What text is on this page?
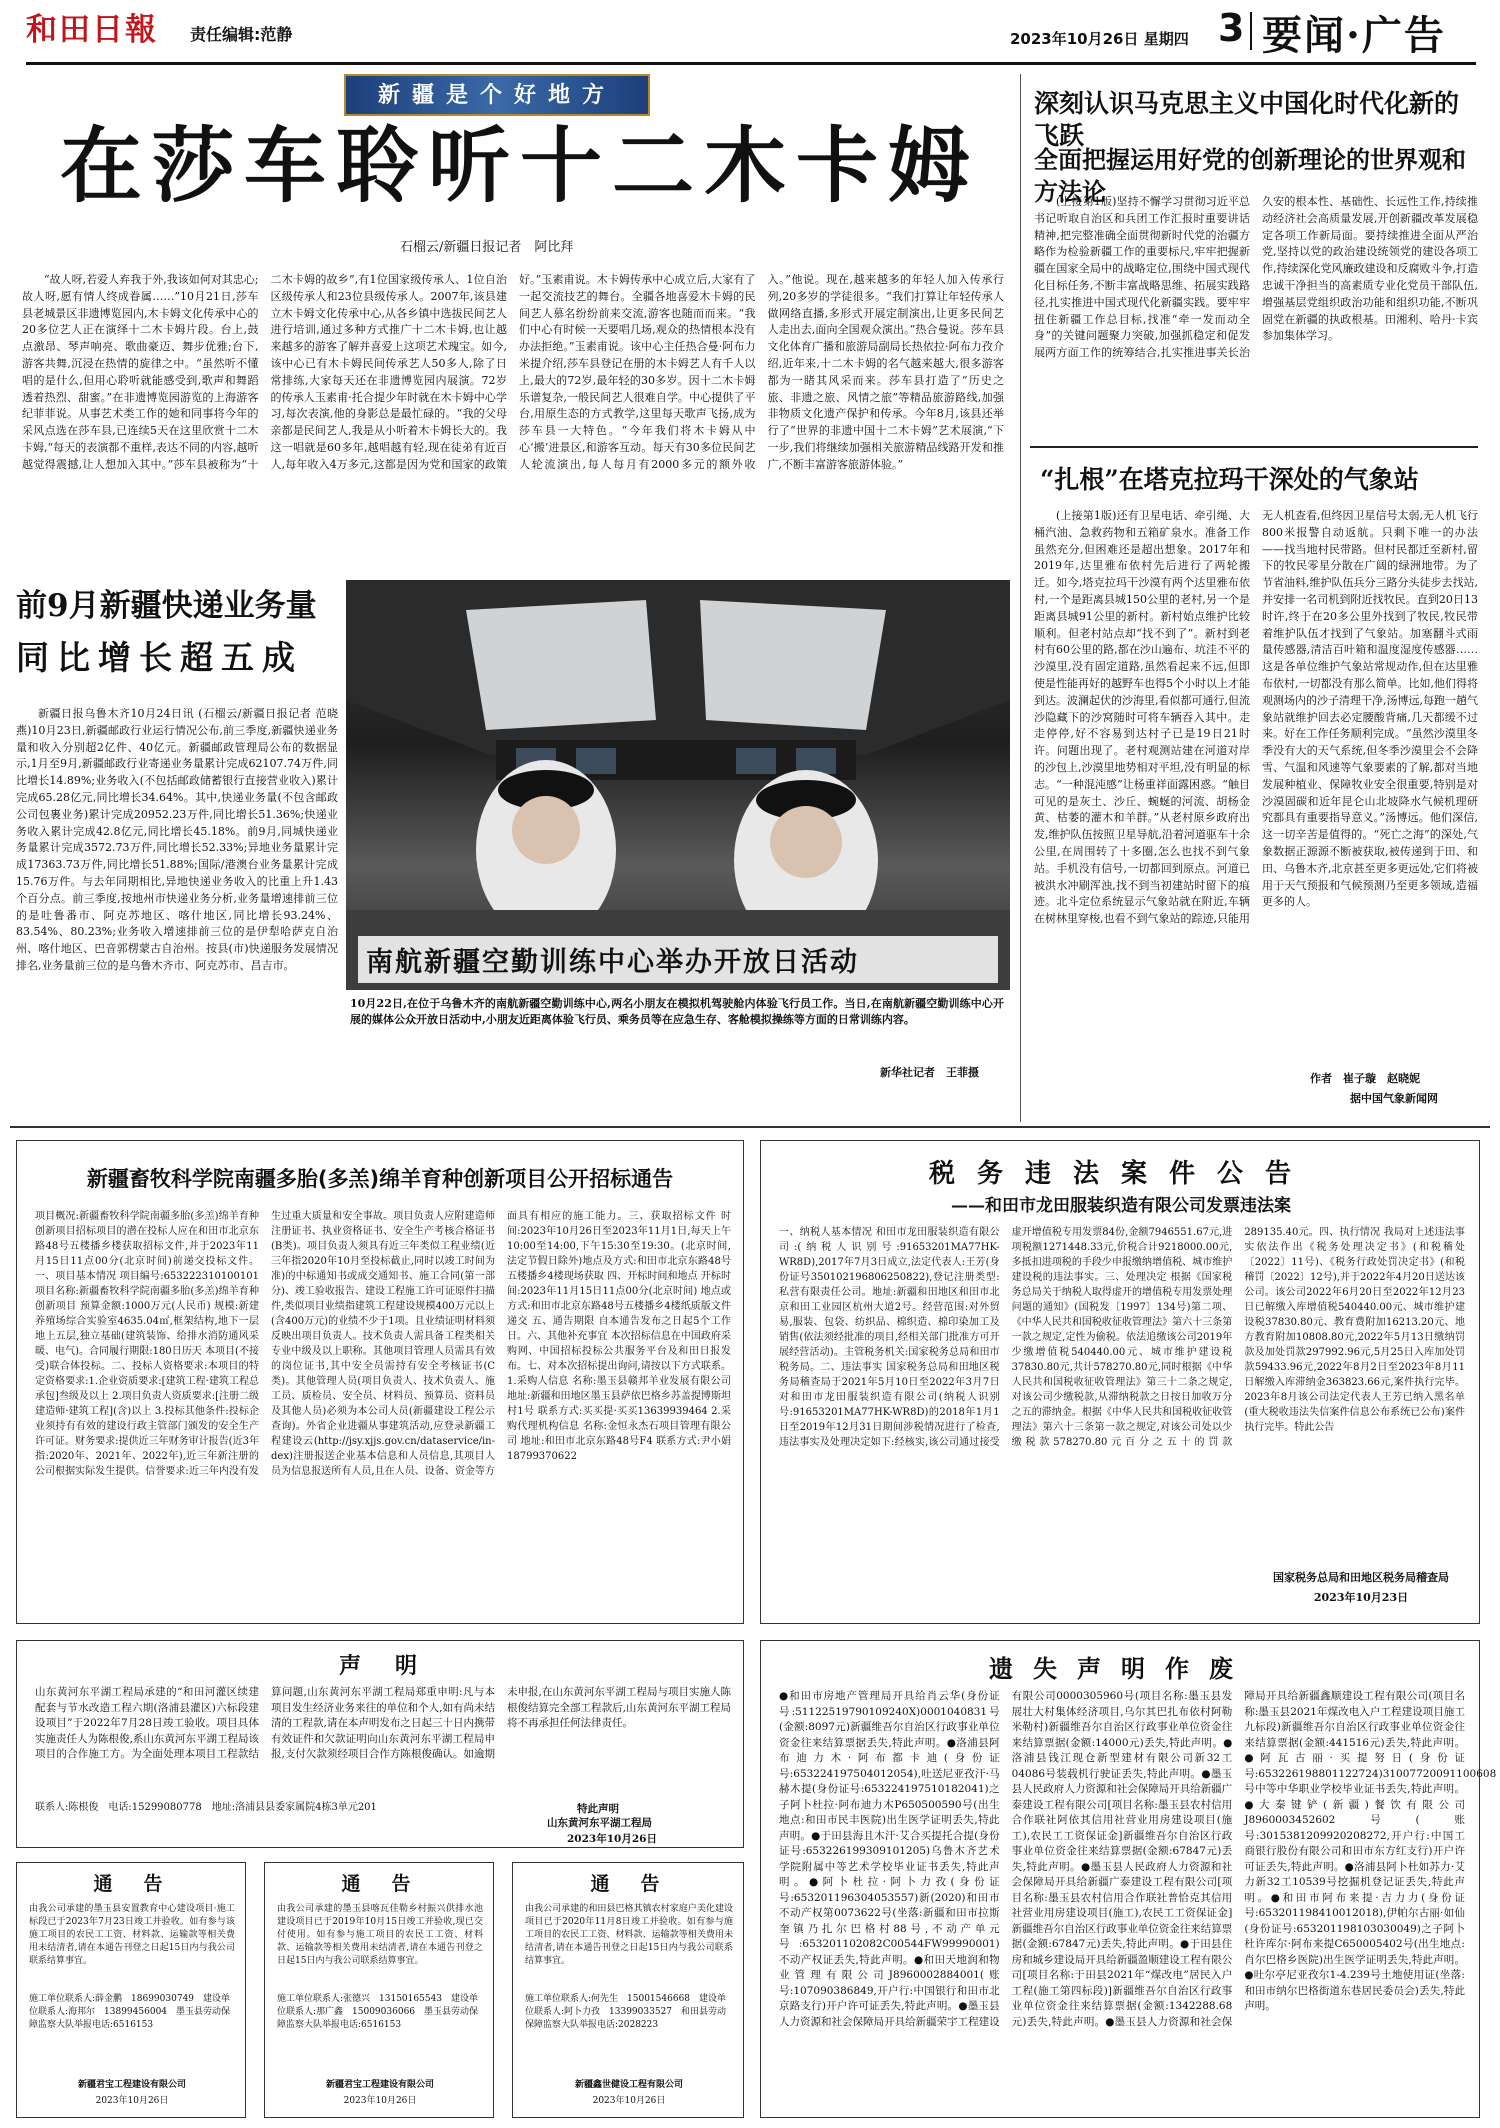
和田日報	责任编辑:范静	2023年10月26日 星期四 3 要闻·广告
新疆是个好地方
在莎车聆听十二木卡姆
石榴云/新疆日报记者　阿比拜
“故人呀,若爱人弃我于外,我该如何对其忠心;故人呀,愿有情人终成眷属……”10月21日,莎车县老城景区非遗博览园内,木卡姆文化传承中心的20多位艺人正在演绎十二木卡姆片段。台上,鼓点激昂、琴声响亮、歌曲豪迈、舞步优雅;台下,游客共舞,沉浸在热情的旋律之中。“虽然听不懂唱的是什么,但用心聆听就能感受到,歌声和舞蹈透着热烈、甜蜜。”在非遗博览园游览的上海游客纪菲菲说。从事艺术类工作的她和同事将今年的采风点选在莎车县,已连续5天在这里欣赏十二木卡姆,“每天的表演都不重样,表达不同的内容,越听越觉得震撼,让人想加入其中。”莎车县被称为“十二木卡姆的故乡”,有1位国家级传承人、1位自治区级传承人和23位县级传承人。2007年,该县建立木卡姆文化传承中心,从各乡镇中选拔民间艺人进行培训,通过多种方式推广十二木卡姆,也让越来越多的游客了解并喜爱上这项艺术瑰宝。如今,该中心已有木卡姆民间传承艺人50多人,除了日常排练,大家每天还在非遗博览园内展演。72岁的传承人玉素甫·托合提少年时就在木卡姆中心学习,每次表演,他的身影总是最忙碌的。“我的父母亲都是民间艺人,我是从小听着木卡姆长大的。我这一唱就是60多年,越唱越有轻,现在徒弟有近百人,每年收入4万多元,这都是因为党和国家的政策好。”玉素甫说。木卡姆传承中心成立后,大家有了一起交流技艺的舞台。全疆各地喜爱木卡姆的民间艺人慕名纷纷前来交流,游客也随而而来。“我们中心有时候一天要唱几场,观众的热情根本没有办法拒绝。”玉素甫说。该中心主任热合曼·阿布力米提介绍,莎车县登记在册的木卡姆艺人有千人以上,最大的72岁,最年轻的30多岁。因十二木卡姆乐谱复杂,一般民间艺人很难自学。中心提供了平台,用原生态的方式教学,这里每天歌声飞扬,成为莎车县一大特色。“今年我们将木卡姆从中心‘搬’进景区,和游客互动。每天有30多位民间艺人轮流演出,每人每月有2000多元的额外收入。”他说。现在,越来越多的年轻人加入传承行列,20多岁的学徒很多。“我们打算让年轻传承人做网络直播,多形式开展定制演出,让更多民间艺人走出去,面向全国观众演出。”热合曼说。莎车县文化体育广播和旅游局副局长热依拉·阿布力孜介绍,近年来,十二木卡姆的名气越来越大,很多游客都为一睹其风采而来。莎车县打造了“历史之旅、非遗之旅、风情之旅”等精品旅游路线,加强非物质文化遗产保护和传承。今年8月,该县还举行了“世界的非遗中国十二木卡姆”艺术展演,“下一步,我们将继续加强相关旅游精品线路开发和推广,不断丰富游客旅游体验。”
深刻认识马克思主义中国化时代化新的飞跃
全面把握运用好党的创新理论的世界观和方法论
(上接第1版)坚持不懈学习贯彻习近平总书记听取自治区和兵团工作汇报时重要讲话精神,把完整准确全面贯彻新时代党的治疆方略作为检验新疆工作的重要标尺,牢牢把握新疆在国家全局中的战略定位,围绕中国式现代化目标任务,不断丰富战略思维、拓展实践路径,扎实推进中国式现代化新疆实践。要牢牢扭住新疆工作总目标,找准“牵一发而动全身”的关键问题聚力突破,加强抓稳定和促发展两方面工作的统筹结合,扎实推进事关长治久安的根本性、基础性、长远性工作,持续推动经济社会高质量发展,开创新疆改革发展稳定各项工作新局面。要持续推进全面从严治党,坚持以党的政治建设统领党的建设各项工作,持续深化党风廉政建设和反腐败斗争,打造忠诚干净担当的高素质专业化党员干部队伍,增强基层党组织政治功能和组织功能,不断巩固党在新疆的执政根基。田湘利、哈丹·卡宾参加集体学习。
“扎根”在塔克拉玛干深处的气象站
(上接第1版)还有卫星电话、牵引绳、大桶汽油、急救药物和五箱矿泉水。准备工作虽然充分,但困难还是超出想象。2017年和2019年,达里雅布依村先后进行了两轮搬迁。如今,塔克拉玛干沙漠有两个达里雅布依村,一个是距离县城150公里的老村,另一个是距离县城91公里的新村。新村始点维护比较顺利。但老村站点却“找不到了”。新村到老村有60公里的路,都在沙山遍布、坑洼不平的沙漠里,没有固定道路,虽然看起来不远,但即使是性能再好的越野车也得5个小时以上才能到达。波澜起伏的沙海里,看似都可通行,但流沙隐藏下的沙窝随时可将车辆吞入其中。走走停停,好不容易到达村子已是19日21时许。问题出现了。老村观测站建在河道对岸的沙包上,沙漠里地势相对平坦,没有明显的标志。“一种混沌感”让杨重祥面露困惑。“触目可见的是灰土、沙丘、蜿蜒的河流、胡杨金黄、枯萎的灌木和羊群。”从老村原乡政府出发,维护队伍按照卫星导航,沿着河道驱车十余公里,在周围转了十多圈,怎么也找不到气象站。手机没有信号,一切都回到原点。河道已被洪水冲刷浑浊,找不到当初建站时留下的痕迹。北斗定位系统显示气象站就在附近,车辆在树林里穿梭,也看不到气象站的踪迹,只能用无人机查看,但终因卫星信号太弱,无人机飞行800米报警自动返航。只剩下唯一的办法——找当地村民带路。但村民都迁至新村,留下的牧民零星分散在广阔的绿洲地带。为了节省油料,维护队伍兵分三路分头徒步去找站,并安排一名司机到附近找牧民。直到20日13时许,终于在20多公里外找到了牧民,牧民带着维护队伍才找到了气象站。加塞翻斗式雨量传感器,清洁百叶箱和温度湿度传感器……这是各单位维护气象站常规动作,但在达里雅布依村,一切都没有那么简单。比如,他们得将观测场内的沙子清理干净,汤博远,每跑一趟气象站就维护回去必定腰酸背痛,几天都缓不过来。好在工作任务顺利完成。“虽然沙漠里冬季没有大的天气系统,但冬季沙漠里会不会降雪、气温和风速等气象要素的了解,都对当地发展种植业、保障牧业安全很重要,特别是对沙漠固碳和近年昆仑山北坡降水气候机理研究都具有重要指导意义。”汤博远。他们深信,这一切辛苦是值得的。“死亡之海”的深处,气象数据正源源不断被获取,被传递到于田、和田、乌鲁木齐,北京甚至更多更远处,它们将被用于天气预报和气候预测乃至更多领域,造福更多的人。
作者　崔子璇　赵晓妮
据中国气象新闻网
前9月新疆快递业务量
同比增长超五成
新疆日报乌鲁木齐10月24日讯 (石榴云/新疆日报记者 范晓燕)10月23日,新疆邮政行业运行情况公布,前三季度,新疆快递业务量和收入分别超2亿件、40亿元。新疆邮政管理局公布的数据显示,1月至9月,新疆邮政行业寄递业务量累计完成62107.74万件,同比增长14.89%;业务收入(不包括邮政储蓄银行直接营业收入)累计完成65.28亿元,同比增长34.64%。其中,快递业务量(不包含邮政公司包裹业务)累计完成20952.23万件,同比增长51.36%;快递业务收入累计完成42.8亿元,同比增长45.18%。前9月,同城快递业务量累计完成3572.73万件,同比增长52.33%;异地业务量累计完成17363.73万件,同比增长51.88%;国际/港澳台业务量累计完成15.76万件。与去年同期相比,异地快递业务收入的比重上升1.43个百分点。前三季度,按地州市快递业务分析,业务量增速排前三位的是吐鲁番市、阿克苏地区、喀什地区,同比增长93.24%、83.54%、80.23%;业务收入增速排前三位的是伊犁哈萨克自治州、喀什地区、巴音郭楞蒙古自治州。按县(市)快递服务发展情况排名,业务量前三位的是乌鲁木齐市、阿克苏市、昌吉市。	南航新疆空勤训练中心举办开放日活动
10月22日,在位于乌鲁木齐的南航新疆空勤训练中心,两名小朋友在模拟机驾驶舱内体验飞行员工作。当日,在南航新疆空勤训练中心开展的媒体公众开放日活动中,小朋友近距离体验飞行员、乘务员等在应急生存、客舱模拟操练等方面的日常训练内容。
新华社记者　王菲摄
新疆畜牧科学院南疆多胎(多羔)绵羊育种创新项目公开招标通告
项目概况:新疆畜牧科学院南疆多胎(多羔)绵羊育种创新项目招标项目的潜在投标人应在和田市北京东路48号五楼播乡楼获取招标文件,并于2023年11月15日11点00分(北京时间)前递交投标文件。一、项目基本情况 项目编号:653222310100101 项目名称:新疆畜牧科学院南疆多胎(多羔)绵羊育种创新项目 预算金额:1000万元(人民币) 规模:新建养殖场综合实验室4635.04㎡,框架结构,地下一层地上五层,独立基础(建筑装饰、给排水消防通风采暖、电气)。合同履行期限:180日历天 本项目(不接受)联合体投标。二、投标人资格要求:本项目的特定资格要求:1.企业资质要求:[建筑工程·建筑工程总承包]叁级及以上 2.项目负责人资质要求:[注册二级建造师·建筑工程](含)以上 3.投标其他条件:投标企业须持有有效的建设行政主管部门颁发的安全生产许可证。财务要求:提供近三年财务审计报告(近3年指:2020年、2021年、2022年),近三年新注册的公司根据实际发生提供。信誉要求:近三年内没有发生过重大质量和安全事故。项目负责人应附建造师注册证书、执业资格证书、安全生产考核合格证书(B类)。项目负责人须具有近三年类似工程业绩(近三年指2020年10月至投标截止,同时以竣工时间为准)的中标通知书或成交通知书、施工合同(第一部分)、竣工验收报告、建设工程施工许可证原件扫描件,类似项目业绩指建筑工程建设规模400万元以上(含400万元)的业绩不少于1项。且业绩证明材料须反映出项目负责人。技术负责人需具备工程类相关专业中级及以上职称。其他项目管理人员需具有效的岗位证书,其中安全员需持有安全考核证书(C类)。其他管理人员(项目负责人、技术负责人、施工员、质检员、安全员、材料员、预算员、资料员及其他人员)必须为本公司人员(新疆建设工程公示查询)。外省企业进疆从事建筑活动,应登录新疆工程建设云(http://jsy.xjjs.gov.cn/dataservice/in-dex)注册报送企业基本信息和人员信息,其项目人员为信息报送所有人员,且在人员、设备、资金等方面具有相应的施工能力。三、获取招标文件 时间:2023年10月26日至2023年11月1日,每天上午10:00至14:00,下午15:30至19:30。(北京时间,法定节假日除外)地点及方式:和田市北京东路48号五楼播乡4楼现场获取 四、开标时间和地点 开标时间:2023年11月15日11点00分(北京时间) 地点或方式:和田市北京东路48号五楼播乡4楼纸质版文件递交 五、通告期限 自本通告发布之日起5个工作日。六、其他补充事宜 本次招标信息在中国政府采购网、中国招标投标公共服务平台及和田日报发布。七、对本次招标提出询问,请按以下方式联系。1.采购人信息 名称:墨玉县赣邦羊业发展有限公司 地址:新疆和田地区墨玉县萨依巴格乡苏盖提博斯坦村1号 联系方式:买买提·买买13639939464 2.采购代理机构信息 名称:金恒永杰石项目管理有限公司 地址:和田市北京东路48号F4 联系方式:尹小娟 18799370622
税务违法案件公告
——和田市龙田服装织造有限公司发票违法案
一、纳税人基本情况 和田市龙田服装织造有限公司:(纳税人识别号:91653201MA77HK-WR8D),2017年7月3日成立,法定代表人:王芳(身份证号350102196806250822),登记注册类型:私营有限责任公司。地址:新疆和田地区和田市北京和田工业园区杭州大道2号。经营范围:对外贸易,服装、包袋、纺织品、棉织造、棉印染加工及销售(依法须经批准的项目,经相关部门批准方可开展经营活动)。主管税务机关:国家税务总局和田市税务局。二、违法事实 国家税务总局和田地区税务局稽查局于2021年5月10日至2022年3月7日对和田市龙田服装织造有限公司(纳税人识别号:91653201MA77HK-WR8D)的2018年1月1日至2019年12月31日期间涉税情况进行了检查,违法事实及处理决定如下:经核实,该公司通过接受虚开增值税专用发票84份,金额7946551.67元,进项税额1271448.33元,价税合计9218000.00元,多抵扣进项税的手段少申报缴纳增值税、城市维护建设税的违法事实。三、处理决定 根据《国家税务总局关于纳税人取得虚开的增值税专用发票处理问题的通知》(国税发〔1997〕134号)第二项、《中华人民共和国税收征收管理法》第六十三条第一款之规定,定性为偷税。依法追缴该公司2019年少缴增值税540440.00元、城市维护建设税37830.80元,共计578270.80元,同时根据《中华人民共和国税收征收管理法》第三十二条之规定,对该公司少缴税款,从滞纳税款之日按日加收万分之五的滞纳金。根据《中华人民共和国税收征收管理法》第六十三条第一款之规定,对该公司处以少缴税款578270.80元百分之五十的罚款289135.40元。四、执行情况 我局对上述违法事实依法作出《税务处理决定书》(和税稽处〔2022〕11号)、《税务行政处罚决定书》(和税稽罚〔2022〕12号),并于2022年4月20日送达该公司。该公司2022年6月20日至2022年12月23日已解缴入库增值税540440.00元、城市维护建设税37830.80元、教育费附加16213.20元、地方教育附加10808.80元,2022年5月13日缴纳罚款及加处罚款297992.96元,5月25日入库加处罚款59433.96元,2022年8月2日至2023年8月11日解缴入库滞纳金363823.66元,案件执行完毕。2023年8月该公司法定代表人王芳已纳入黑名单(重大税收违法失信案件信息公布系统已公布)案件执行完毕。特此公告
国家税务总局和田地区税务局稽查局
2023年10月23日
声　明
山东黄河东平湖工程局承建的“和田河灌区续建配套与节水改造工程六期(洛浦县灌区)六标段建设项目”于2022年7月28日竣工验收。项目具体实施责任人为陈根俊,系山东黄河东平湖工程局该项目的合作施工方。为全面处理本项目工程款结算问题,山东黄河东平湖工程局郑重申明:凡与本项目发生经济业务来往的单位和个人,如有尚未结清的工程款,请在本声明发布之日起三十日内携带有效证件和欠款证明向山东黄河东平湖工程局申报,支付欠款须经项目合作方陈根俊确认。如逾期未申报,在山东黄河东平湖工程局与项目实施人陈根俊结算完全部工程款后,山东黄河东平湖工程局将不再承担任何法律责任。
联系人:陈根俊　电话:15299080778　地址:洛浦县县委家属院4栋3单元201	特此声明
山东黄河东平湖工程局
2023年10月26日
遗失声明作废
●和田市房地产管理局开具给肖云华(身份证号:51122519790109240X)0001040831号(金额:8097元)新疆维吾尔自治区行政事业单位资金往来结算票据丢失,特此声明。●洛浦县阿布迪力木·阿布都卡迪(身份证号:653224197504012054),吐送尼亚孜汗·马赫木提(身份证号:653224197510182041)之子阿卜杜拉·阿布迪力木P650500590号(出生地点:和田市民丰医院)出生医学证明丢失,特此声明。●于田县海且木汗·艾合买提托合提(身份证号:653226199309101205)乌鲁木齐艺术学院附属中等艺术学校毕业证书丢失,特此声明。●阿卜杜拉·阿卜力孜(身份证号:653201196304053557)新(2020)和田市不动产权第0073622号(坐落:新疆和田市拉斯奎镇乃扎尔巴格村88号,不动产单元号:653201102082C00544FW99990001)不动产权证丢失,特此声明。●和田天地润和物业管理有限公司J8960002884001(账号:107090386849,开户行:中国银行和田市北京路支行)开户许可证丢失,特此声明。●墨玉县人力资源和社会保障局开具给新疆荣宇工程建设有限公司0000305960号(项目名称:墨玉县发展壮大村集体经济项目,乌尔其巴扎布依村阿勒米勒村)新疆维吾尔自治区行政事业单位资金往来结算票据(金额:14000元)丢失,特此声明。●洛浦县钱江现仓新型建材有限公司新32工04086号装载机行驶证丢失,特此声明。●墨玉县人民政府人力资源和社会保障局开具给新疆广泰建设工程有限公司[项目名称:墨玉县农村信用合作联社阿依其信用社营业用房建设项目(施工),农民工工资保证金]新疆维吾尔自治区行政事业单位资金往来结算票据(金额:67847元)丢失,特此声明。●墨玉县人民政府人力资源和社会保障局开具给新疆广泰建设工程有限公司[项目名称:墨玉县农村信用合作联社普恰克其信用社营业用房建设项目(施工),农民工工资保证金]新疆维吾尔自治区行政事业单位资金往来结算票据(金额:67847元)丢失,特此声明。●于田县住房和城乡建设局开具给新疆盈顺建设工程有限公司[项目名称:于田县2021年“煤改电”居民入户工程(施工第四标段)]新疆维吾尔自治区行政事业单位资金往来结算票据(金额:1342288.68元)丢失,特此声明。●墨玉县人力资源和社会保障局开具给新疆鑫顺建设工程有限公司(项目名称:墨玉县2021年煤改电入户工程建设项目施工九标段)新疆维吾尔自治区行政事业单位资金往来结算票据(金额:441516元)丢失,特此声明。●阿瓦古丽·买提努日(身份证号:653226198801122724)31007720091100608号中等中华职业学校毕业证书丢失,特此声明。●大秦键铲(新疆)餐饮有限公司J8960003452602号(账号:3015381209920208272,开户行:中国工商银行股份有限公司和田市东方红支行)开户许可证丢失,特此声明。●洛浦县阿卜杜如苏力·艾力新32工10539号挖掘机登记证丢失,特此声明。●和田市阿布来提·吉力力(身份证号:653201198410012018),伊帕尔古丽·如仙(身份证号:653201198103030049)之子阿卜杜许库尔·阿布来提C650005402号(出生地点:肖尔巴格乡医院)出生医学证明丢失,特此声明。●吐尔亭尼亚孜尔1-4.239号土地使用证(坐落:和田市纳尔巴格街道东巷居民委员会)丢失,特此声明。
通　告
由我公司承建的墨玉县安置教育中心建设项目·施工标段已于2023年7月23日竣工并验收。如有参与该施工项目的农民工工资、材料款、运输款等相关费用未结清者,请在本通告刊登之日起15日内与我公司联系结算事宜。
施工单位联系人:薛金鹏　18699030749　建设单位联系人:海邦尔　13899456004　墨玉县劳动保障监察大队举报电话:6516153
新疆君宝工程建设有限公司
2023年10月26日
通　告
由我公司承建的墨玉县喀瓦佳勒乡村振兴供排水池建设项目已于2019年10月15日竣工并验收,现已交付使用。如有参与施工项目的农民工工资、材料款、运输款等相关费用未结清者,请在本通告刊登之日起15日内与我公司联系结算事宜。
施工单位联系人:张德兴　13150165543　建设单位联系人:那广鑫　15009036066　墨玉县劳动保障监察大队举报电话:6516153
新疆君宝工程建设有限公司
2023年10月26日
通　告
由我公司承建的和田县巴格其镇农村家庭户美化建设项目已于2020年11月8日竣工并验收。如有参与施工项目的农民工工资、材料款、运输款等相关费用未结清者,请在本通告刊登之日起15日内与我公司联系结算事宜。
施工单位联系人:何先生　15001546668　建设单位联系人:阿卜力孜　13399033527　和田县劳动保障监察大队举报电话:2028223
新疆鑫世健设工程有限公司
2023年10月26日
